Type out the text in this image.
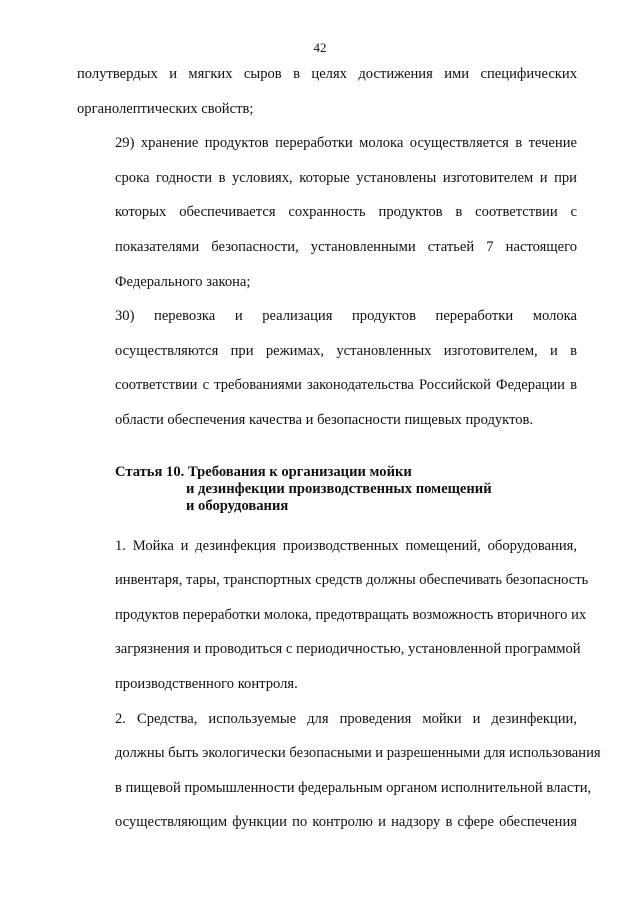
42

полутвердых и мягких сыров в целях достижения ими специфических
органолептических свойств;

29) хранение продуктов переработки молока осуществляется в течение
срока годности в условиях, которые установлены изготовителем и при
которых обеспечивается сохранность продуктов в соответствии с
показателями безопасности, установленными статьей 7 настоящего
Федерального закона;

30) перевозка и реализация продуктов переработки молока
осуществляются при режимах, установленных изготовителем, и в
соответствии с требованиями законодательства Российской Федерации в
области обеспечения качества и безопасности пищевых продуктов.

Статья 10. Требования к организации мойки
и дезинфекции производственных помещений
и оборудования

1. Мойка и дезинфекция производственных помещений, оборудования,
инвентаря, тары, транспортных средств должны обеспечивать безопасность
продуктов переработки молока, предотвращать возможность вторичного их
загрязнения и проводиться с периодичностью, установленной программой
производственного контроля.

2. Средства, используемые для проведения мойки и дезинфекции,
должны быть экологически безопасными и разрешенными для использования
в пищевой промышленности федеральным органом исполнительной власти,
осуществляющим функции по контролю и надзору в сфере обеспечения
